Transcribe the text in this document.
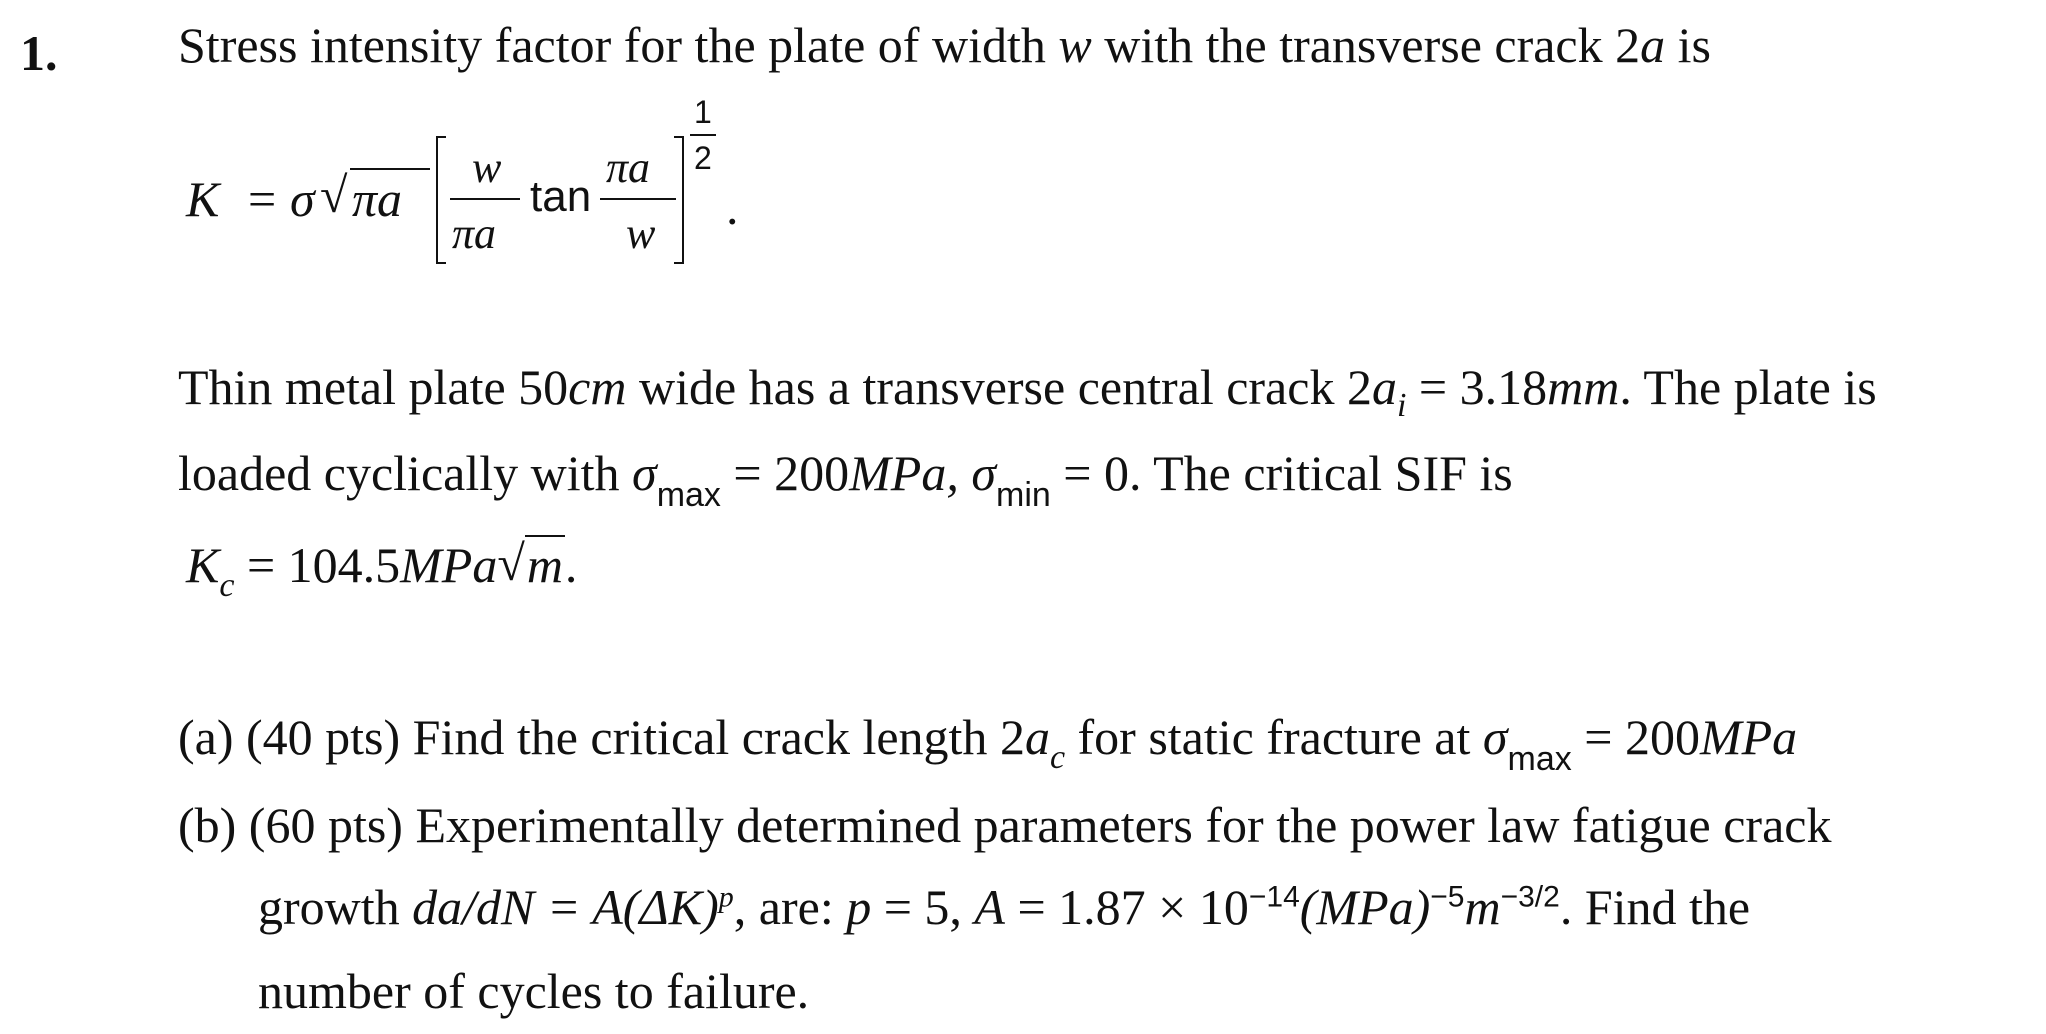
1. Stress intensity factor for the plate of width w with the transverse crack 2a is
K = σ √ πa
w
πa
tan
πa
w
1
2
.
Thin metal plate 50cm wide has a transverse central crack $2a_i = 3.18mm$. The plate is
loaded cyclically with $\sigma_{max} = 200MPa$, $\sigma_{min} = 0$. The critical SIF is
$K_c = 104.5MPa√m$.
(a) (40 pts) Find the critical crack length $2a_c$ for static fracture at $\sigma_{max} = 200MPa$
(b) (60 pts) Experimentally determined parameters for the power law fatigue crack
growth $da/dN = A(\Delta K)^p$, are: p = 5, $A = 1.87 \times 10^{-14}(MPa)^{-5}m^{-3/2}$. Find the
number of cycles to failure.
